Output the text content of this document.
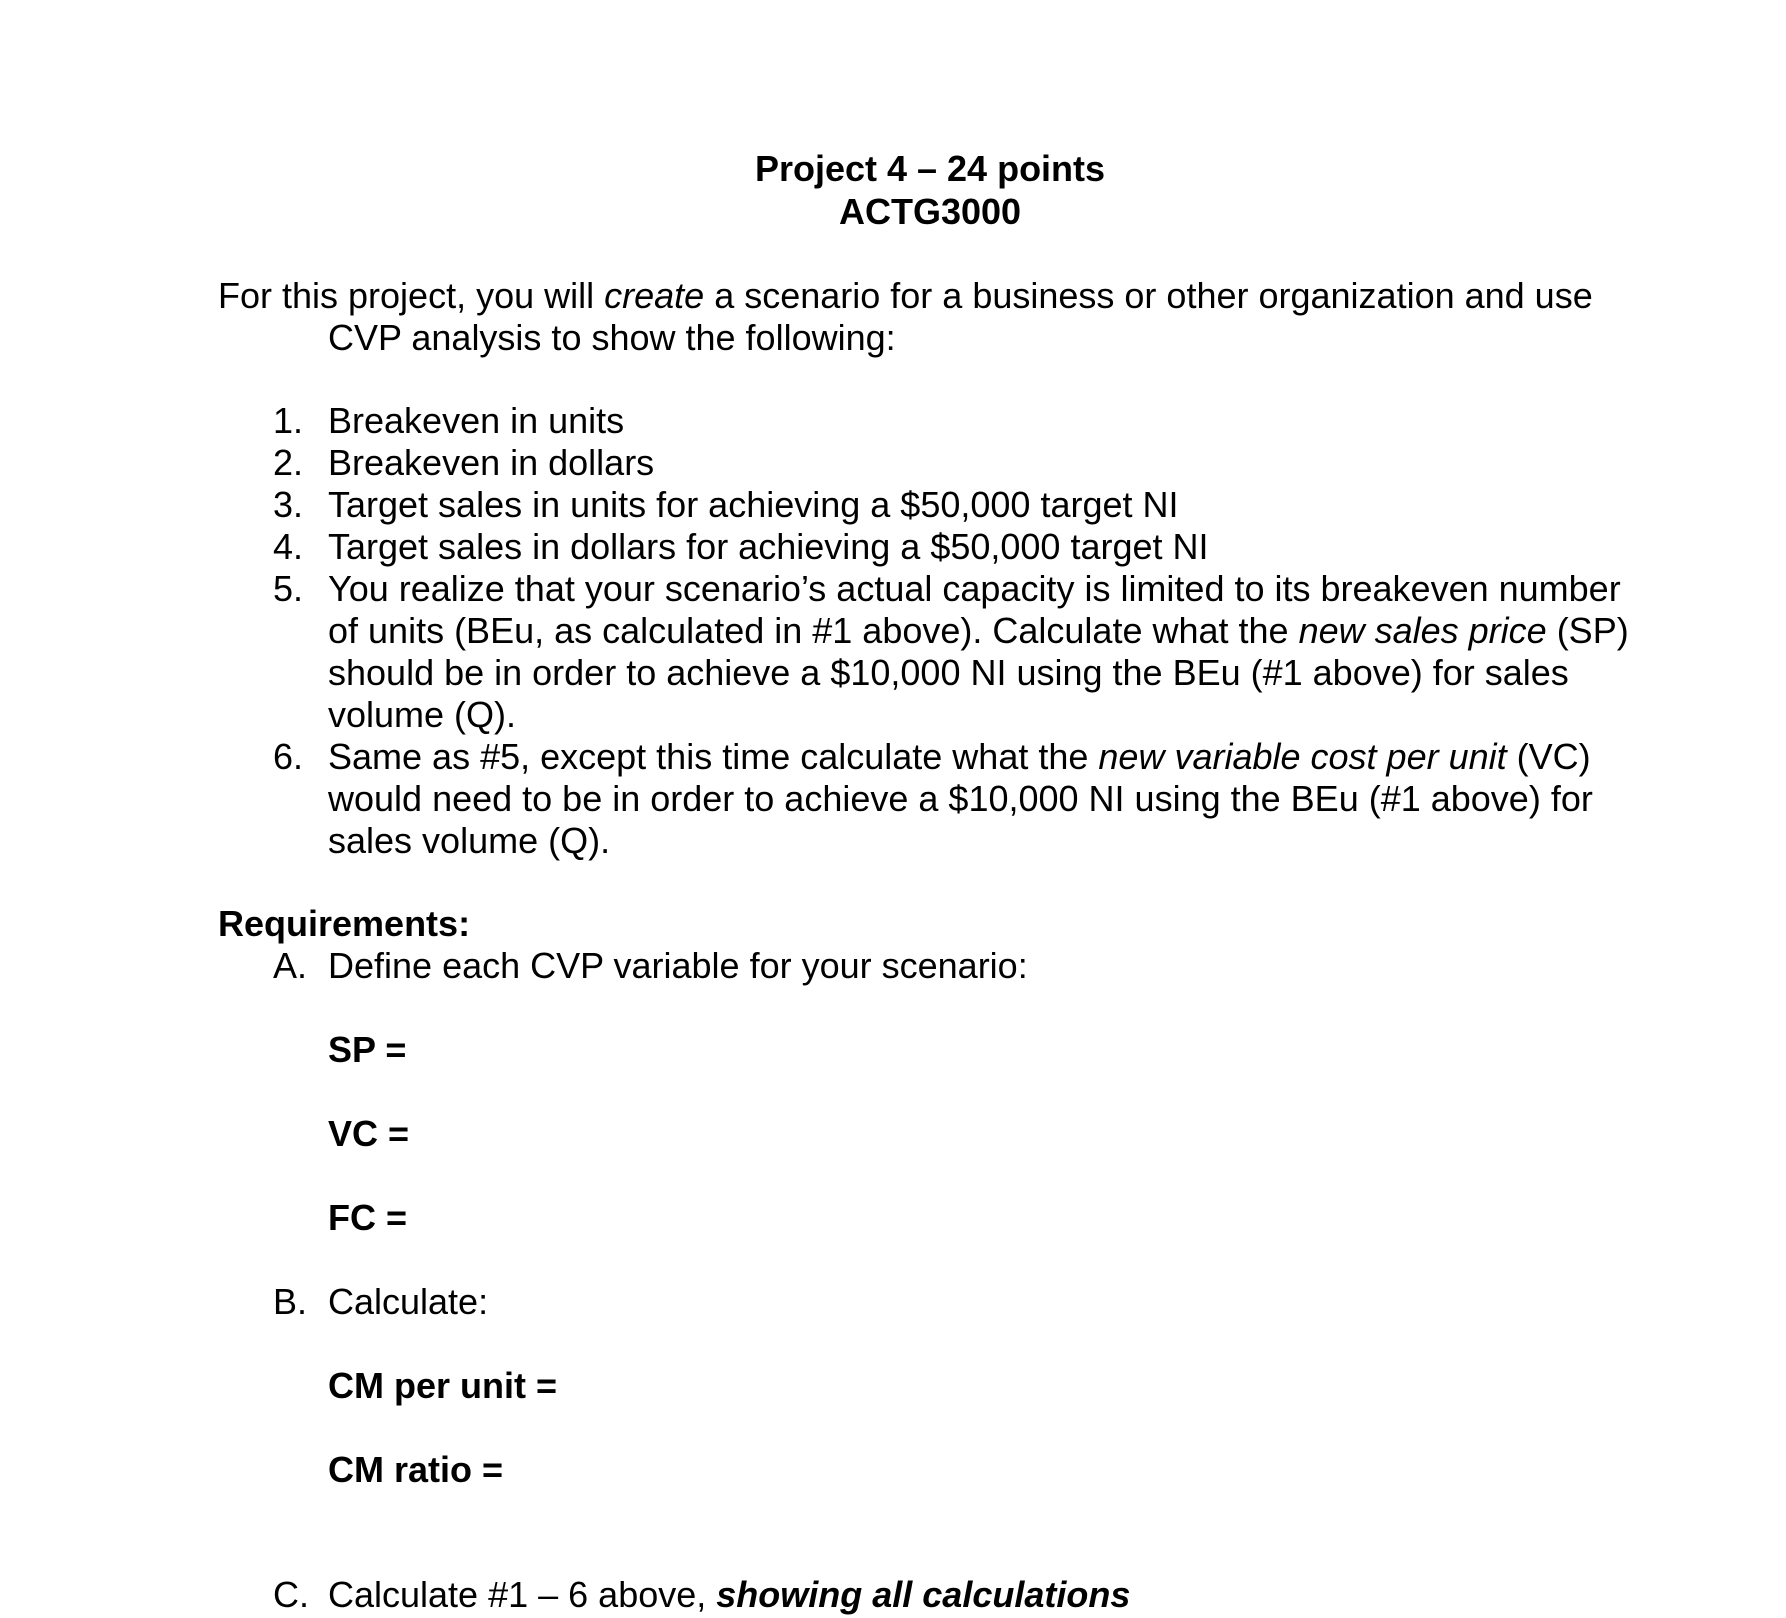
Project 4 – 24 points
ACTG3000
For this project, you will create a scenario for a business or other organization and use
CVP analysis to show the following:
1. Breakeven in units
2. Breakeven in dollars
3. Target sales in units for achieving a $50,000 target NI
4. Target sales in dollars for achieving a $50,000 target NI
5. You realize that your scenario’s actual capacity is limited to its breakeven number of units (BEu, as calculated in #1 above). Calculate what the new sales price (SP) should be in order to achieve a $10,000 NI using the BEu (#1 above) for sales volume (Q).
6. Same as #5, except this time calculate what the new variable cost per unit (VC) would need to be in order to achieve a $10,000 NI using the BEu (#1 above) for sales volume (Q).
Requirements:
A. Define each CVP variable for your scenario:
SP =
VC =
FC =
B. Calculate:
CM per unit =
CM ratio =
C. Calculate #1 – 6 above, showing all calculations
